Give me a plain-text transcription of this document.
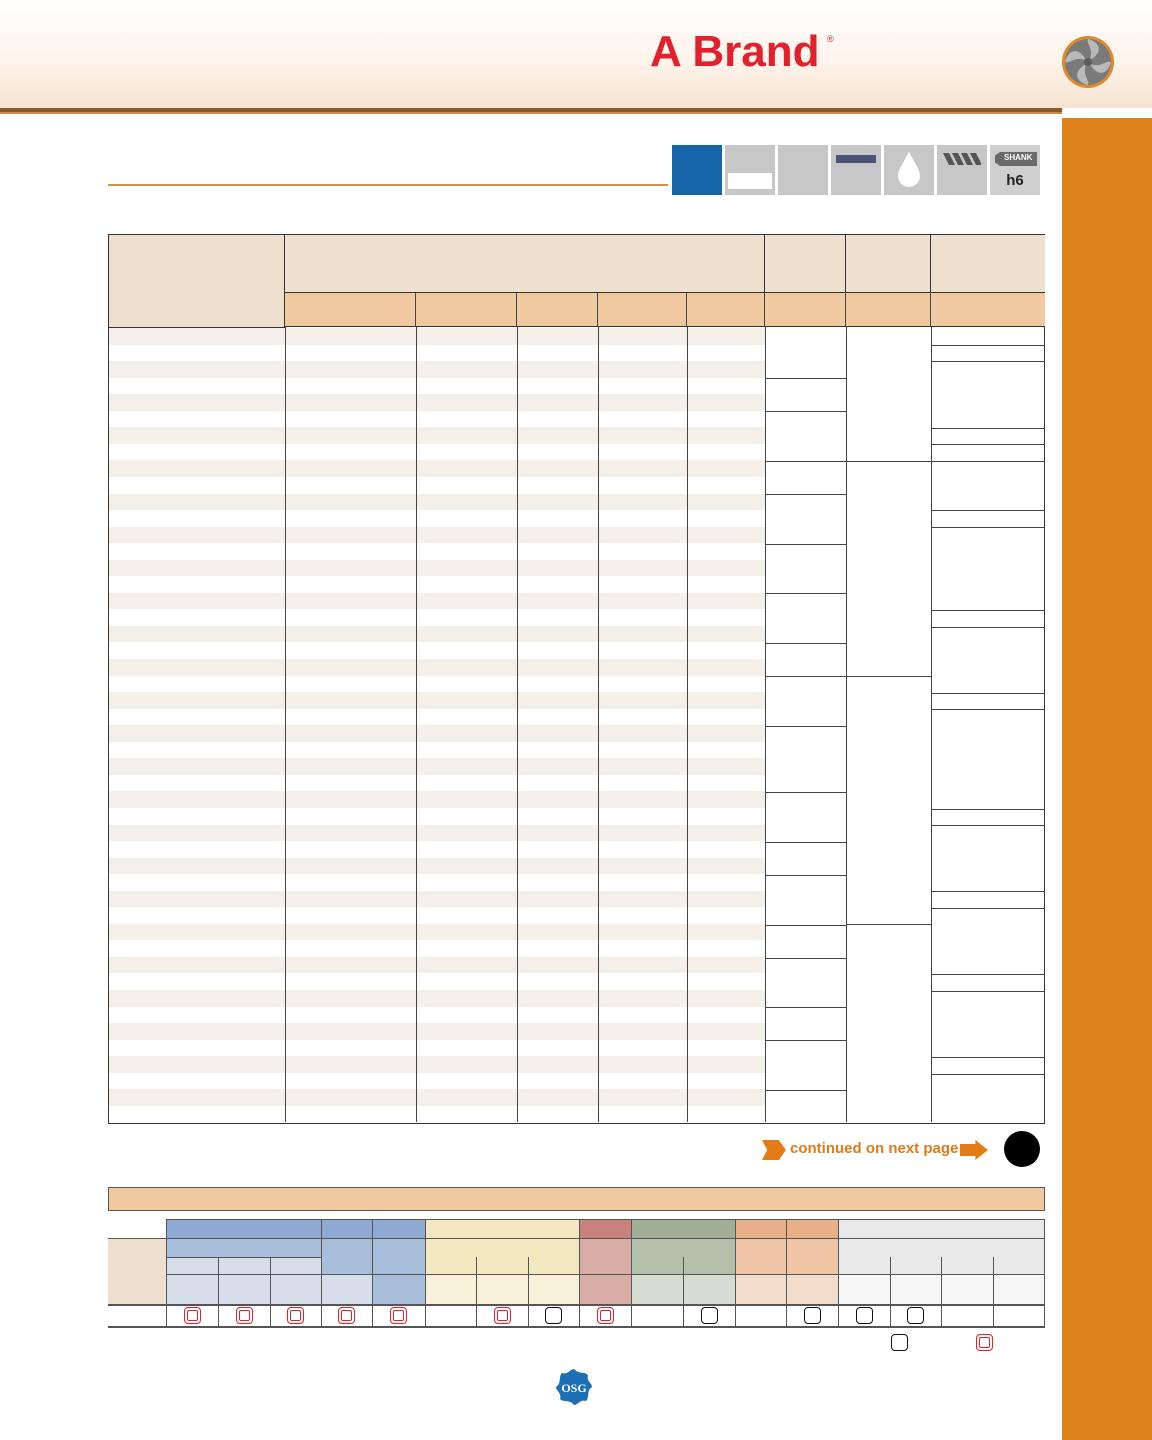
A Brand ®
SHANK
h6
continued on next page
OSG
